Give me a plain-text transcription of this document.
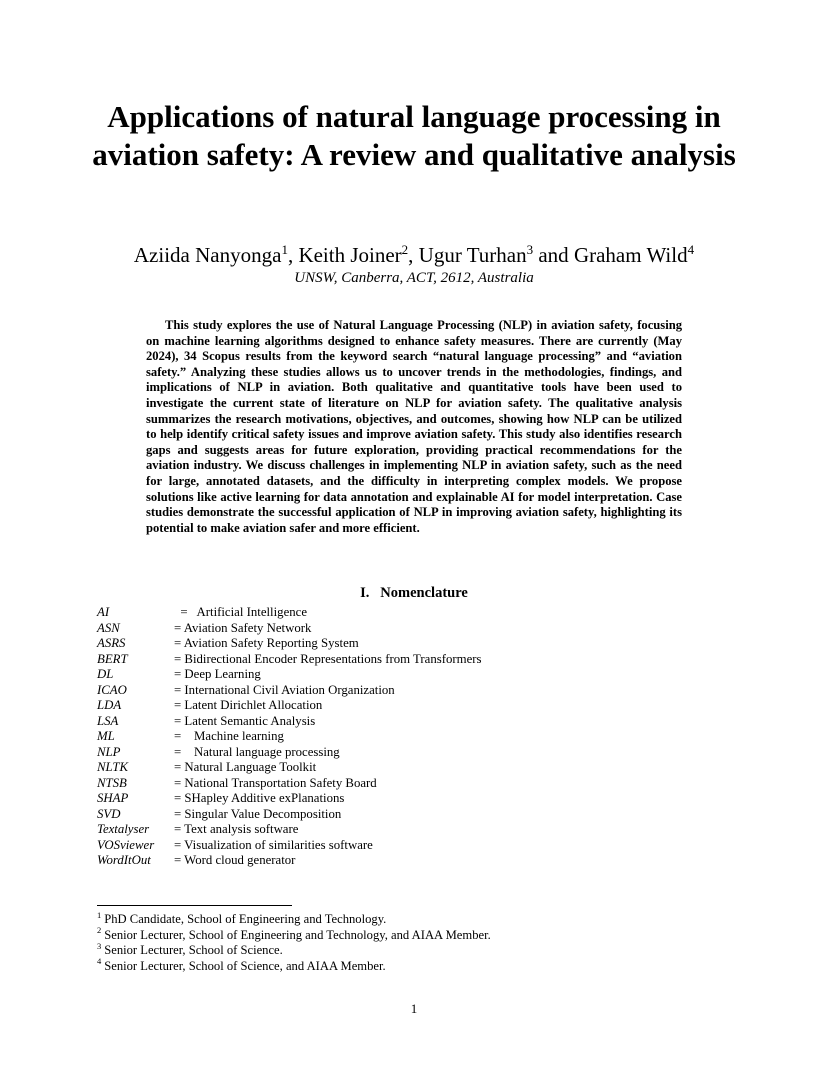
Applications of natural language processing in aviation safety: A review and qualitative analysis
Aziida Nanyonga$^1$, Keith Joiner$^2$, Ugur Turhan$^3$ and Graham Wild$^4$
UNSW, Canberra, ACT, 2612, Australia

This study explores the use of Natural Language Processing (NLP) in aviation safety, focusing on machine learning algorithms designed to enhance safety measures. There are currently (May 2024), 34 Scopus results from the keyword search “natural language processing” and “aviation safety.” Analyzing these studies allows us to uncover trends in the methodologies, findings, and implications of NLP in aviation. Both qualitative and quantitative tools have been used to investigate the current state of literature on NLP for aviation safety. The qualitative analysis summarizes the research motivations, objectives, and outcomes, showing how NLP can be utilized to help identify critical safety issues and improve aviation safety. This study also identifies research gaps and suggests areas for future exploration, providing practical recommendations for the aviation industry. We discuss challenges in implementing NLP in aviation safety, such as the need for large, annotated datasets, and the difficulty in interpreting complex models. We propose solutions like active learning for data annotation and explainable AI for model interpretation. Case studies demonstrate the successful application of NLP in improving aviation safety, highlighting its potential to make aviation safer and more efficient.

I.   Nomenclature
AI	=   Artificial Intelligence
ASN	= Aviation Safety Network
ASRS	= Aviation Safety Reporting System
BERT	= Bidirectional Encoder Representations from Transformers
DL	= Deep Learning
ICAO	= International Civil Aviation Organization
LDA	= Latent Dirichlet Allocation
LSA	= Latent Semantic Analysis
ML	=    Machine learning
NLP	=    Natural language processing
NLTK	= Natural Language Toolkit
NTSB	= National Transportation Safety Board
SHAP	= SHapley Additive exPlanations
SVD	= Singular Value Decomposition
Textalyser	= Text analysis software
VOSviewer	= Visualization of similarities software
WordItOut	= Word cloud generator
$^1$ PhD Candidate, School of Engineering and Technology.
$^2$ Senior Lecturer, School of Engineering and Technology, and AIAA Member.
$^3$ Senior Lecturer, School of Science.
$^4$ Senior Lecturer, School of Science, and AIAA Member.
1
